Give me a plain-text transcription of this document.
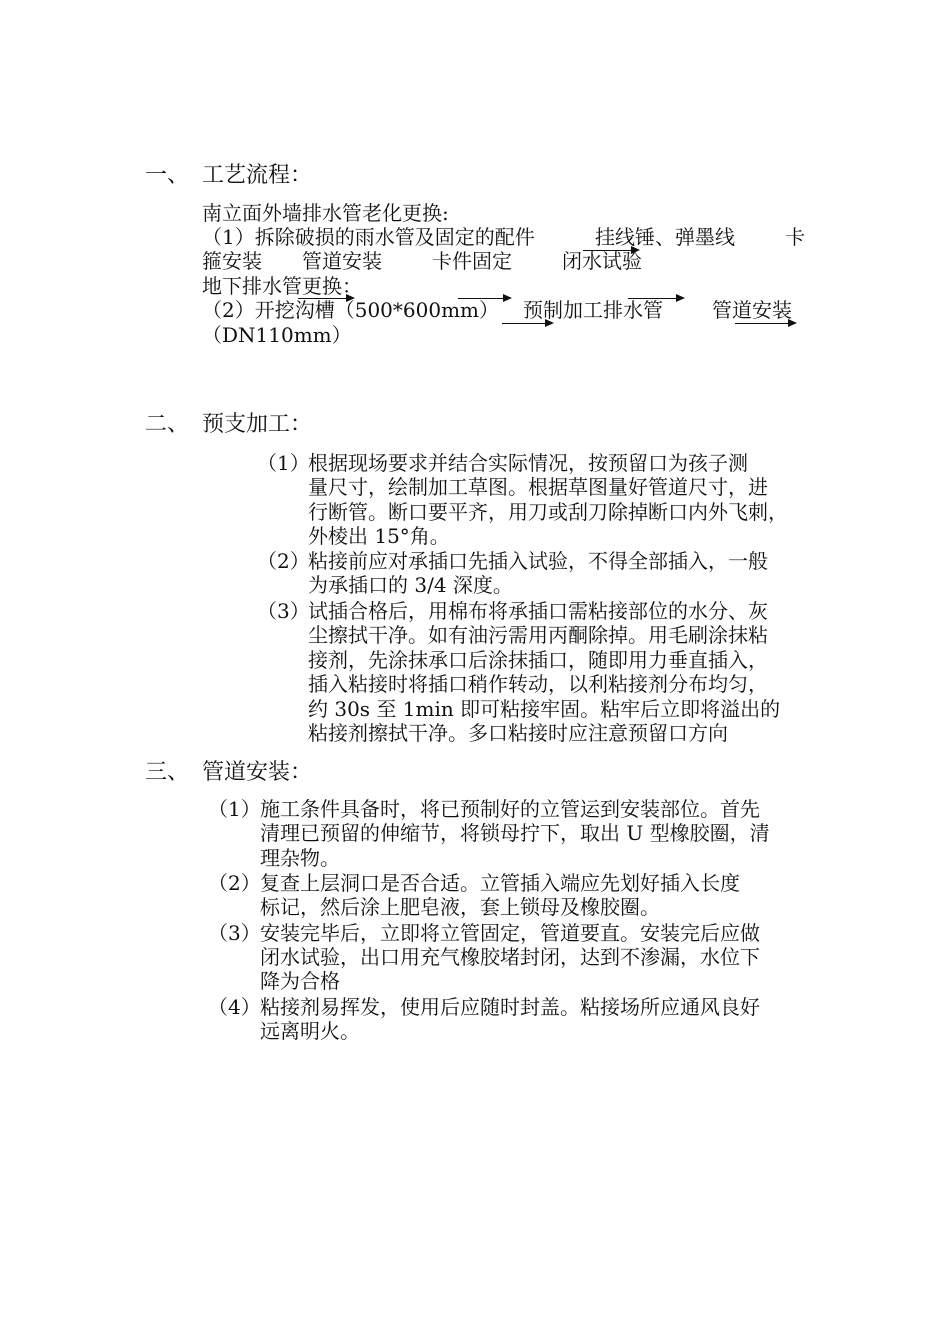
一、 工艺流程：
南立面外墙排水管老化更换:
（1）拆除破损的雨水管及固定的配件	挂线锤、弹墨线	卡
箍安装 管道安装	卡件固定	闭水试验
地下排水管更换：
（2）开挖沟槽（500*600mm） 预制加工排水管 管道安装
（DN110mm）
二、 预支加工：
（1）
根据现场要求并结合实际情况，按预留口为孩子测
量尺寸，绘制加工草图。根据草图量好管道尺寸，进
行断管。断口要平齐，用刀或刮刀除掉断口内外飞刺，
外棱出 15°角。
（2）
粘接前应对承插口先插入试验，不得全部插入，一般
为承插口的 3/4 深度。
（3）
试插合格后，用棉布将承插口需粘接部位的水分、灰
尘擦拭干净。如有油污需用丙酮除掉。用毛刷涂抹粘
接剂，先涂抹承口后涂抹插口，随即用力垂直插入，
插入粘接时将插口稍作转动，以利粘接剂分布均匀，
约 30s 至 1min 即可粘接牢固。粘牢后立即将溢出的
粘接剂擦拭干净。多口粘接时应注意预留口方向
三、 管道安装：
（1） 施工条件具备时，将已预制好的立管运到安装部位。首先
清理已预留的伸缩节，将锁母拧下，取出 U 型橡胶圈，清
理杂物。
（2） 复查上层洞口是否合适。立管插入端应先划好插入长度
标记，然后涂上肥皂液，套上锁母及橡胶圈。
（3） 安装完毕后，立即将立管固定，管道要直。安装完后应做
闭水试验，出口用充气橡胶堵封闭，达到不渗漏，水位下
降为合格
（4） 粘接剂易挥发，使用后应随时封盖。粘接场所应通风良好
远离明火。
